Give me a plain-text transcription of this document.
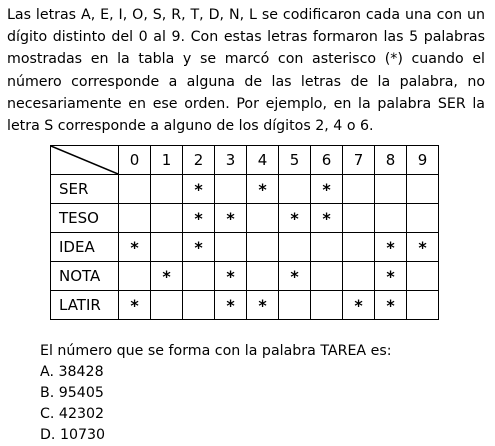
Las letras A, E, I, O, S, R, T, D, N, L se codificaron cada una con un dígito distinto del 0 al 9. Con estas letras formaron las 5 palabras mostradas en la tabla y se marcó con asterisco (*) cuando el número corresponde a alguna de las letras de la palabra, no necesariamente en ese orden. Por ejemplo, en la palabra SER la letra S corresponde a alguno de los dígitos 2, 4 o 6.

	0	1	2	3	4	5	6	7	8	9
SER			*		*		*			
TESO			*	*		*	*			
IDEA	*		*						*	*
NOTA		*		*		*			*	
LATIR	*			*	*			*	*	

El número que se forma con la palabra TAREA es:

A. 38428
B. 95405
C. 42302
D. 10730
